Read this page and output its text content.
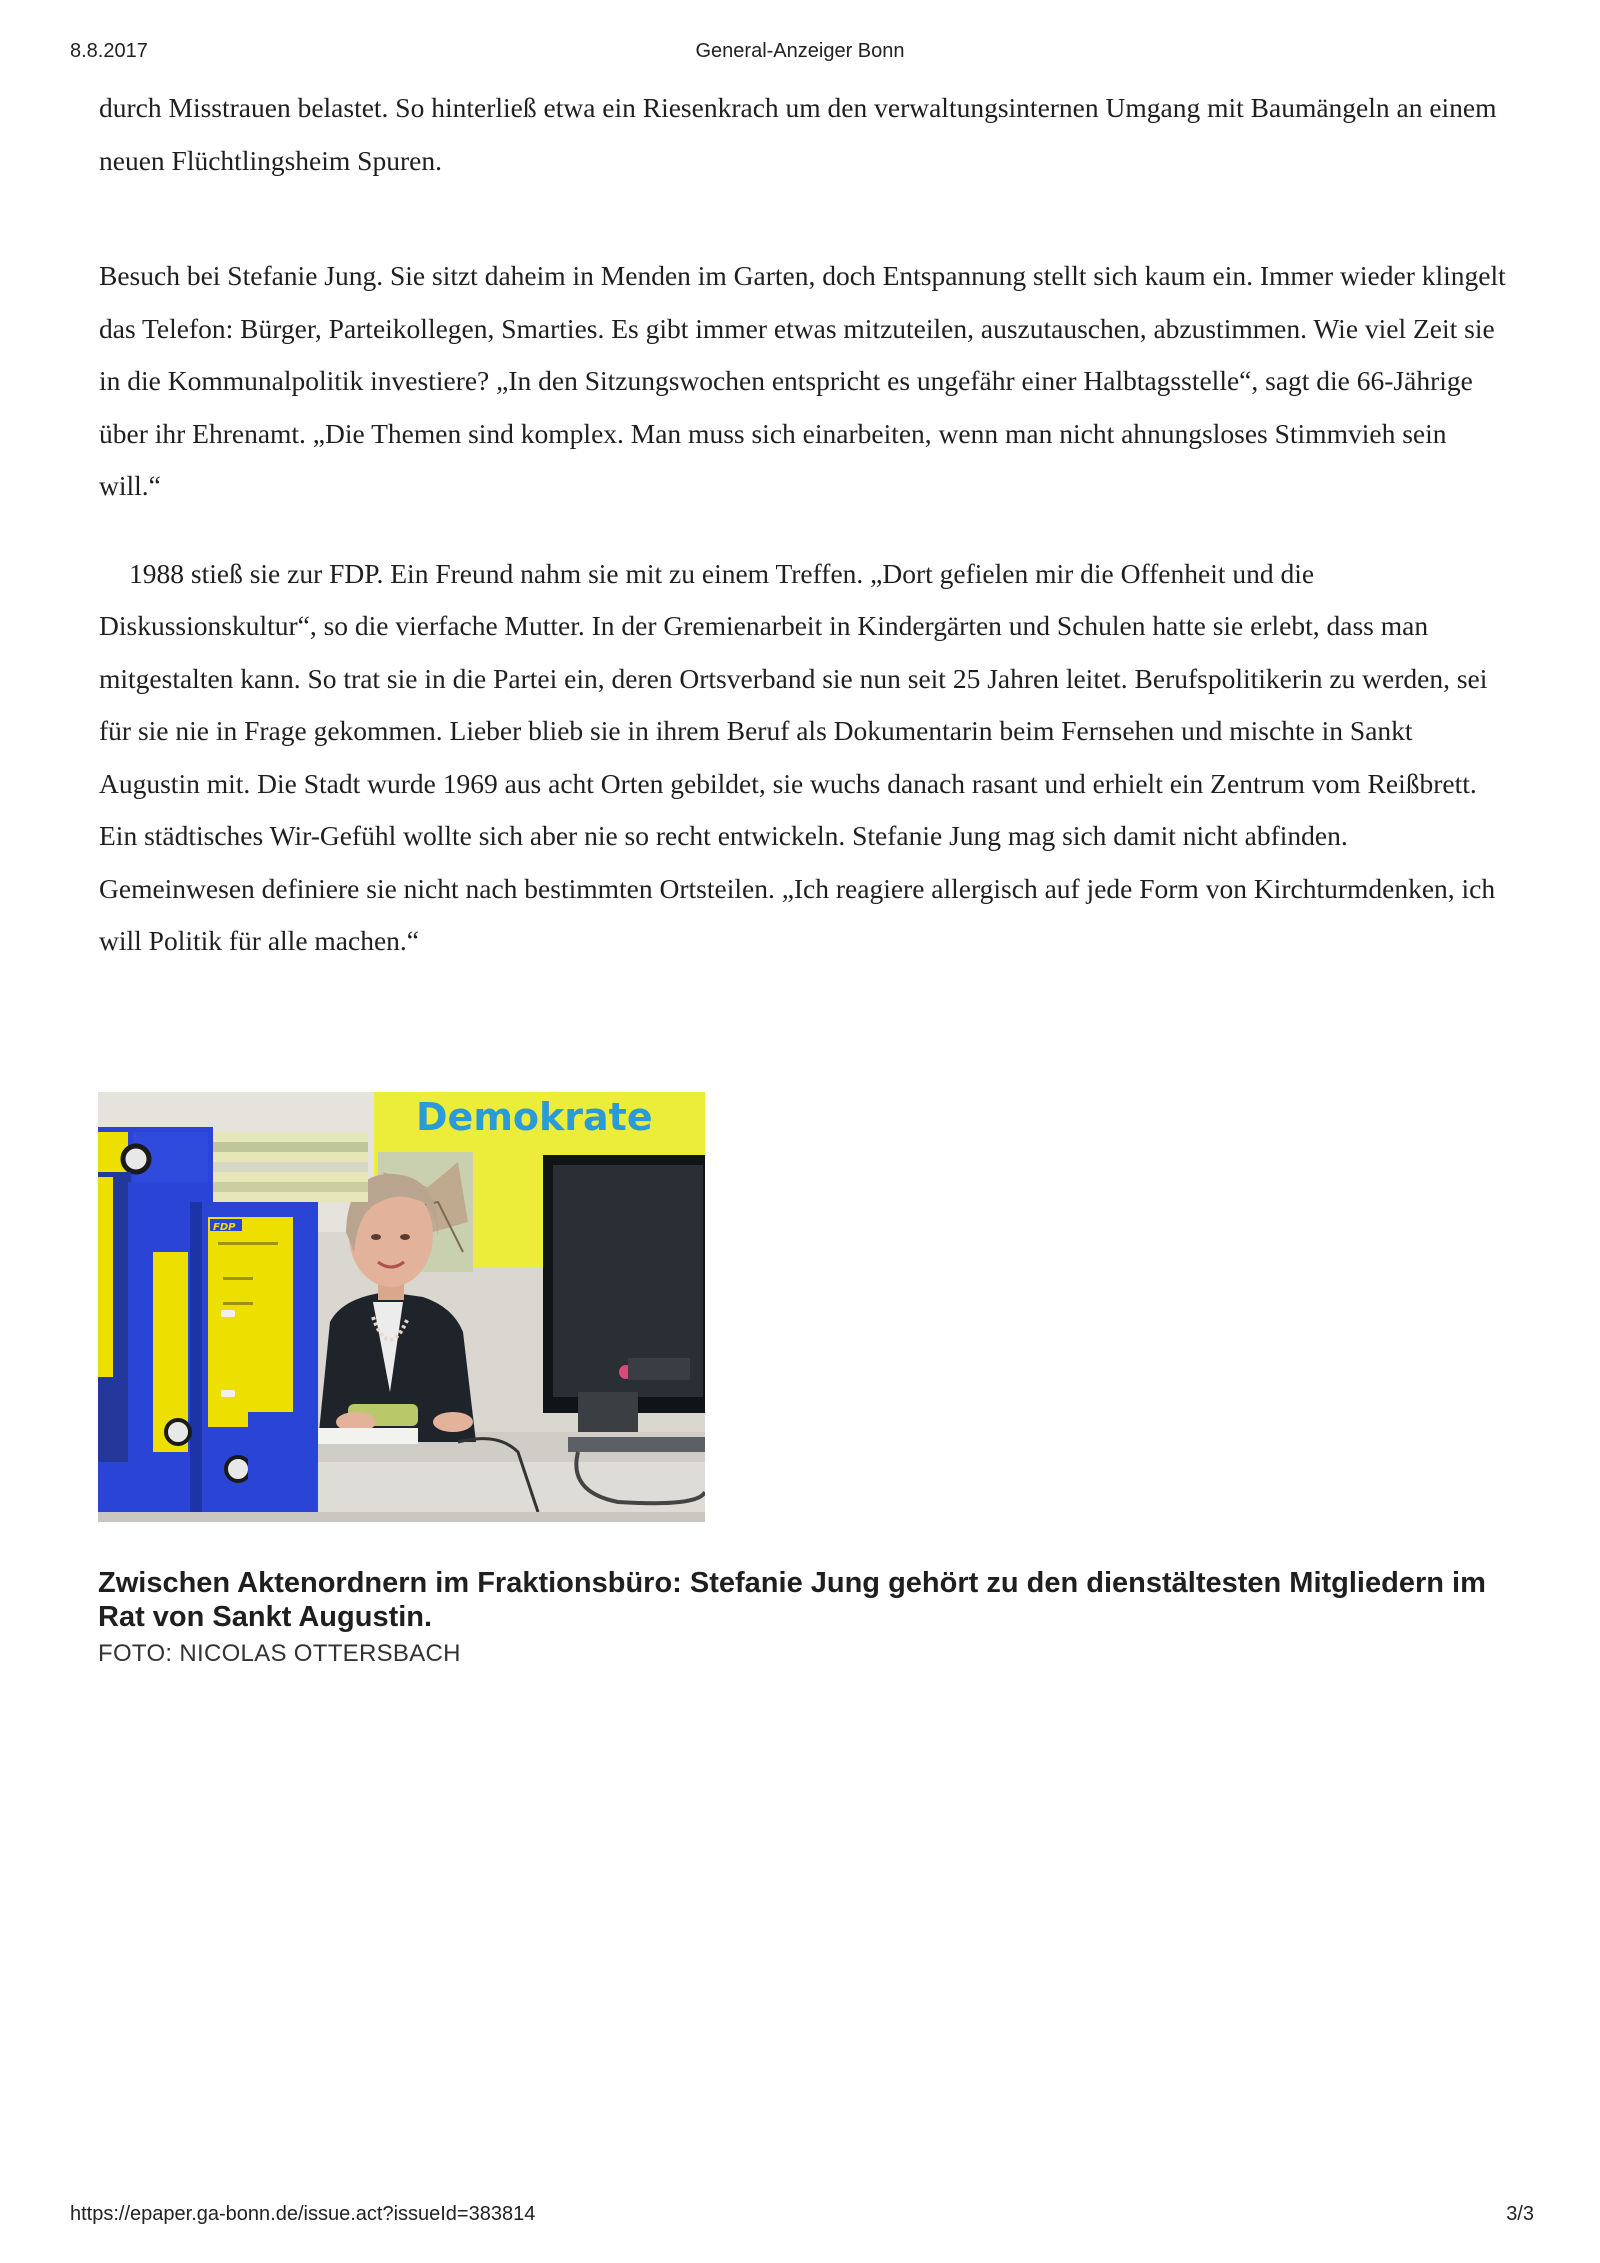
8.8.2017	General-Anzeiger Bonn

durch Misstrauen belastet. So hinterließ etwa ein Riesenkrach um den verwaltungsinternen Umgang mit Baumängeln an einem neuen Flüchtlingsheim Spuren.

Besuch bei Stefanie Jung. Sie sitzt daheim in Menden im Garten, doch Entspannung stellt sich kaum ein. Immer wieder klingelt das Telefon: Bürger, Parteikollegen, Smarties. Es gibt immer etwas mitzuteilen, auszutauschen, abzustimmen. Wie viel Zeit sie in die Kommunalpolitik investiere? „In den Sitzungswochen entspricht es ungefähr einer Halbtagsstelle“, sagt die 66-Jährige über ihr Ehrenamt. „Die Themen sind komplex. Man muss sich einarbeiten, wenn man nicht ahnungsloses Stimmvieh sein will.“

1988 stieß sie zur FDP. Ein Freund nahm sie mit zu einem Treffen. „Dort gefielen mir die Offenheit und die Diskussionskultur“, so die vierfache Mutter. In der Gremienarbeit in Kindergärten und Schulen hatte sie erlebt, dass man mitgestalten kann. So trat sie in die Partei ein, deren Ortsverband sie nun seit 25 Jahren leitet. Berufspolitikerin zu werden, sei für sie nie in Frage gekommen. Lieber blieb sie in ihrem Beruf als Dokumentarin beim Fernsehen und mischte in Sankt Augustin mit. Die Stadt wurde 1969 aus acht Orten gebildet, sie wuchs danach rasant und erhielt ein Zentrum vom Reißbrett. Ein städtisches Wir-Gefühl wollte sich aber nie so recht entwickeln. Stefanie Jung mag sich damit nicht abfinden. Gemeinwesen definiere sie nicht nach bestimmten Ortsteilen. „Ich reagiere allergisch auf jede Form von Kirchturmdenken, ich will Politik für alle machen.“

Demokrate
FDP
Zwischen Aktenordnern im Fraktionsbüro: Stefanie Jung gehört zu den dienstältesten Mitgliedern im Rat von Sankt Augustin.
FOTO: NICOLAS OTTERSBACH
https://epaper.ga-bonn.de/issue.act?issueId=383814	3/3
